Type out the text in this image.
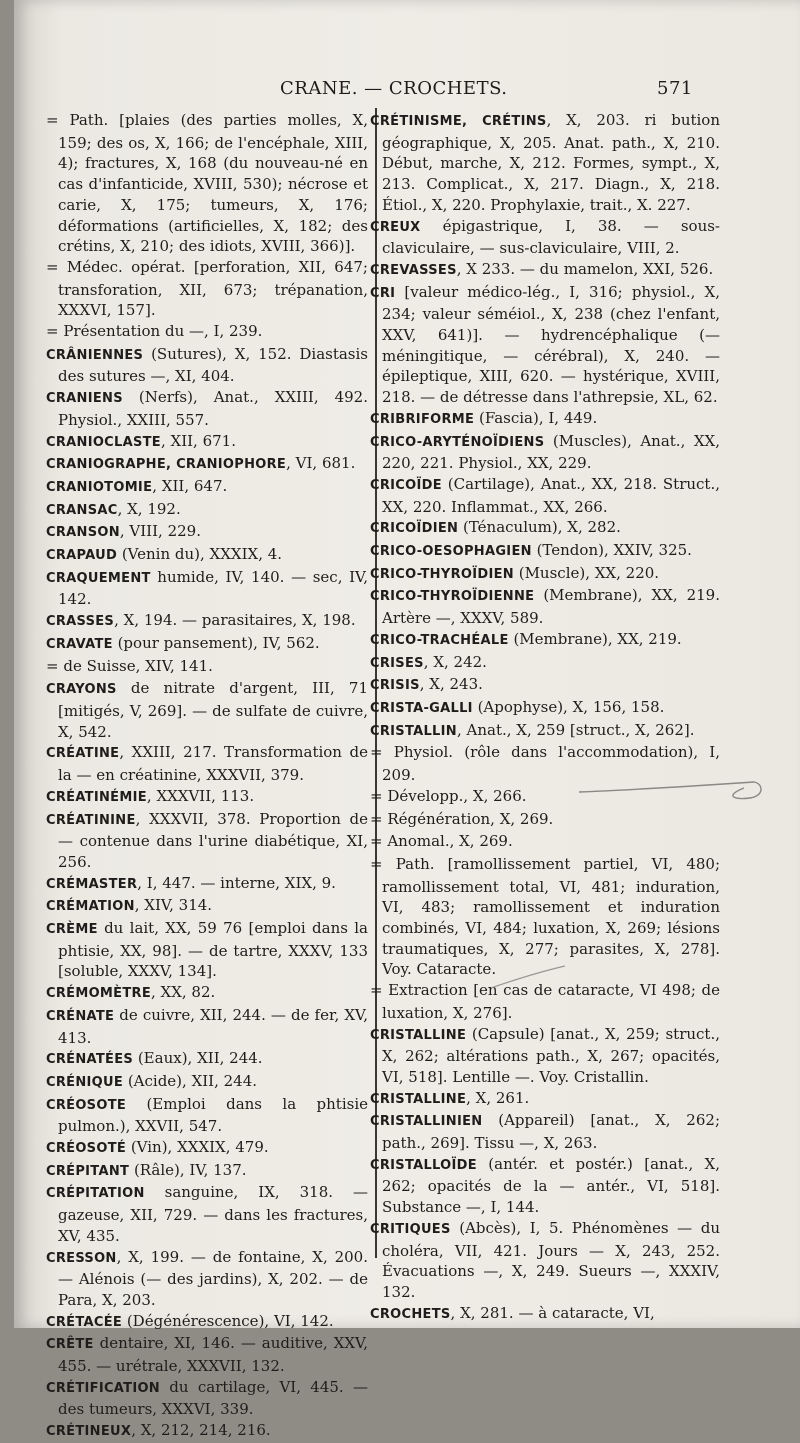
CRANE. — CROCHETS.	571

= Path. [plaies (des parties molles, X, 159; des os, X, 166; de l'encéphale, XIII, 4); fractures, X, 168 (du nouveau-né en cas d'infanticide, XVIII, 530); nécrose et carie, X, 175; tumeurs, X, 176; déformations (artificielles, X, 182; des crétins, X, 210; des idiots, XVIII, 366)].

= Médec. opérat. [perforation, XII, 647; transforation, XII, 673; trépanation, XXXVI, 157].

= Présentation du —, I, 239.

CRÂNIENNES (Sutures), X, 152. Diastasis des sutures —, XI, 404.

CRANIENS (Nerfs), Anat., XXIII, 492. Physiol., XXIII, 557.

CRANIOCLASTE, XII, 671.

CRANIOGRAPHE, CRANIOPHORE, VI, 681.

CRANIOTOMIE, XII, 647.

CRANSAC, X, 192.

CRANSON, VIII, 229.

CRAPAUD (Venin du), XXXIX, 4.

CRAQUEMENT humide, IV, 140. — sec, IV, 142.

CRASSES, X, 194. — parasitaires, X, 198.

CRAVATE (pour pansement), IV, 562.

= de Suisse, XIV, 141.

CRAYONS de nitrate d'argent, III, 71 [mitigés, V, 269]. — de sulfate de cuivre, X, 542.

CRÉATINE, XXIII, 217. Transformation de la — en créatinine, XXXVII, 379.

CRÉATINÉMIE, XXXVII, 113.

CRÉATININE, XXXVII, 378. Proportion de — contenue dans l'urine diabétique, XI, 256.

CRÉMASTER, I, 447. — interne, XIX, 9.

CRÉMATION, XIV, 314.

CRÈME du lait, XX, 59 76 [emploi dans la phtisie, XX, 98]. — de tartre, XXXV, 133 [soluble, XXXV, 134].

CRÉMOMÈTRE, XX, 82.

CRÉNATE de cuivre, XII, 244. — de fer, XV, 413.

CRÉNATÉES (Eaux), XII, 244.

CRÉNIQUE (Acide), XII, 244.

CRÉOSOTE (Emploi dans la phtisie pulmon.), XXVII, 547.

CRÉOSOTÉ (Vin), XXXIX, 479.

CRÉPITANT (Râle), IV, 137.

CRÉPITATION sanguine, IX, 318. — gazeuse, XII, 729. — dans les fractures, XV, 435.

CRESSON, X, 199. — de fontaine, X, 200. — Alénois (— des jardins), X, 202. — de Para, X, 203.

CRÉTACÉE (Dégénérescence), VI, 142.

CRÊTE dentaire, XI, 146. — auditive, XXV, 455. — urétrale, XXXVII, 132.

CRÉTIFICATION du cartilage, VI, 445. — des tumeurs, XXXVI, 339.

CRÉTINEUX, X, 212, 214, 216.

CRÉTINISME, CRÉTINS, X, 203. ri bution géographique, X, 205. Anat. path., X, 210. Début, marche, X, 212. Formes, sympt., X, 213. Complicat., X, 217. Diagn., X, 218. Étiol., X, 220. Prophylaxie, trait., X. 227.

CREUX épigastrique, I, 38. — sous-claviculaire, — sus-claviculaire, VIII, 2.

CREVASSES, X 233. — du mamelon, XXI, 526.

CRI [valeur médico-lég., I, 316; physiol., X, 234; valeur séméiol., X, 238 (chez l'enfant, XXV, 641)]. — hydrencéphalique (— méningitique, — cérébral), X, 240. — épileptique, XIII, 620. — hystérique, XVIII, 218. — de détresse dans l'athrepsie, XL, 62.

CRIBRIFORME (Fascia), I, 449.

CRICO-ARYTÉNOÏDIENS (Muscles), Anat., XX, 220, 221. Physiol., XX, 229.

CRICOÏDE (Cartilage), Anat., XX, 218. Struct., XX, 220. Inflammat., XX, 266.

CRICOÏDIEN (Ténaculum), X, 282.

CRICO-OESOPHAGIEN (Tendon), XXIV, 325.

CRICO-THYROÏDIEN (Muscle), XX, 220.

CRICO-THYROÏDIENNE (Membrane), XX, 219. Artère —, XXXV, 589.

CRICO-TRACHÉALE (Membrane), XX, 219.

CRISES, X, 242.

CRISIS, X, 243.

CRISTA-GALLI (Apophyse), X, 156, 158.

CRISTALLIN, Anat., X, 259 [struct., X, 262].

= Physiol. (rôle dans l'accommodation), I, 209.

= Développ., X, 266.

= Régénération, X, 269.

= Anomal., X, 269.

= Path. [ramollissement partiel, VI, 480; ramollissement total, VI, 481; induration, VI, 483; ramollissement et induration combinés, VI, 484; luxation, X, 269; lésions traumatiques, X, 277; parasites, X, 278]. Voy. Cataracte.

= Extraction [en cas de cataracte, VI 498; de luxation, X, 276].

CRISTALLINE (Capsule) [anat., X, 259; struct., X, 262; altérations path., X, 267; opacités, VI, 518]. Lentille —. Voy. Cristallin.

CRISTALLINE, X, 261.

CRISTALLINIEN (Appareil) [anat., X, 262; path., 269]. Tissu —, X, 263.

CRISTALLOÏDE (antér. et postér.) [anat., X, 262; opacités de la — antér., VI, 518]. Substance —, I, 144.

CRITIQUES (Abcès), I, 5. Phénomènes — du choléra, VII, 421. Jours — X, 243, 252. Évacuations —, X, 249. Sueurs —, XXXIV, 132.

CROCHETS, X, 281. — à cataracte, VI,
